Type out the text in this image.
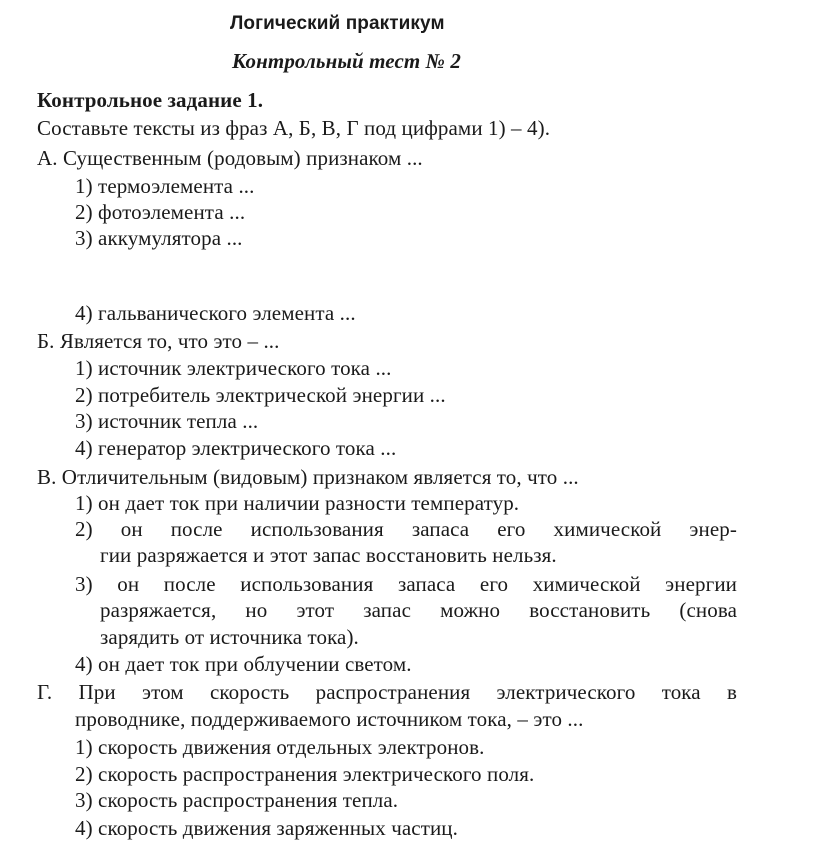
Логический практикум
Контрольный тест № 2
Контрольное задание 1.
Составьте тексты из фраз А, Б, В, Г под цифрами 1) – 4).
А. Существенным (родовым) признаком ...
1) термоэлемента ...
2) фотоэлемента ...
3) аккумулятора ...
4) гальванического элемента ...
Б. Является то, что это – ...
1) источник электрического тока ...
2) потребитель электрической энергии ...
3) источник тепла ...
4) генератор электрического тока ...
В. Отличительным (видовым) признаком является то, что ...
1) он дает ток при наличии разности температур.
2) он после использования запаса его химической энер-
гии разряжается и этот запас восстановить нельзя.
3) он после использования запаса его химической энергии
разряжается, но этот запас можно восстановить (снова
зарядить от источника тока).
4) он дает ток при облучении светом.
Г. При этом скорость распространения электрического тока в
проводнике, поддерживаемого источником тока, – это ...
1) скорость движения отдельных электронов.
2) скорость распространения электрического поля.
3) скорость распространения тепла.
4) скорость движения заряженных частиц.
